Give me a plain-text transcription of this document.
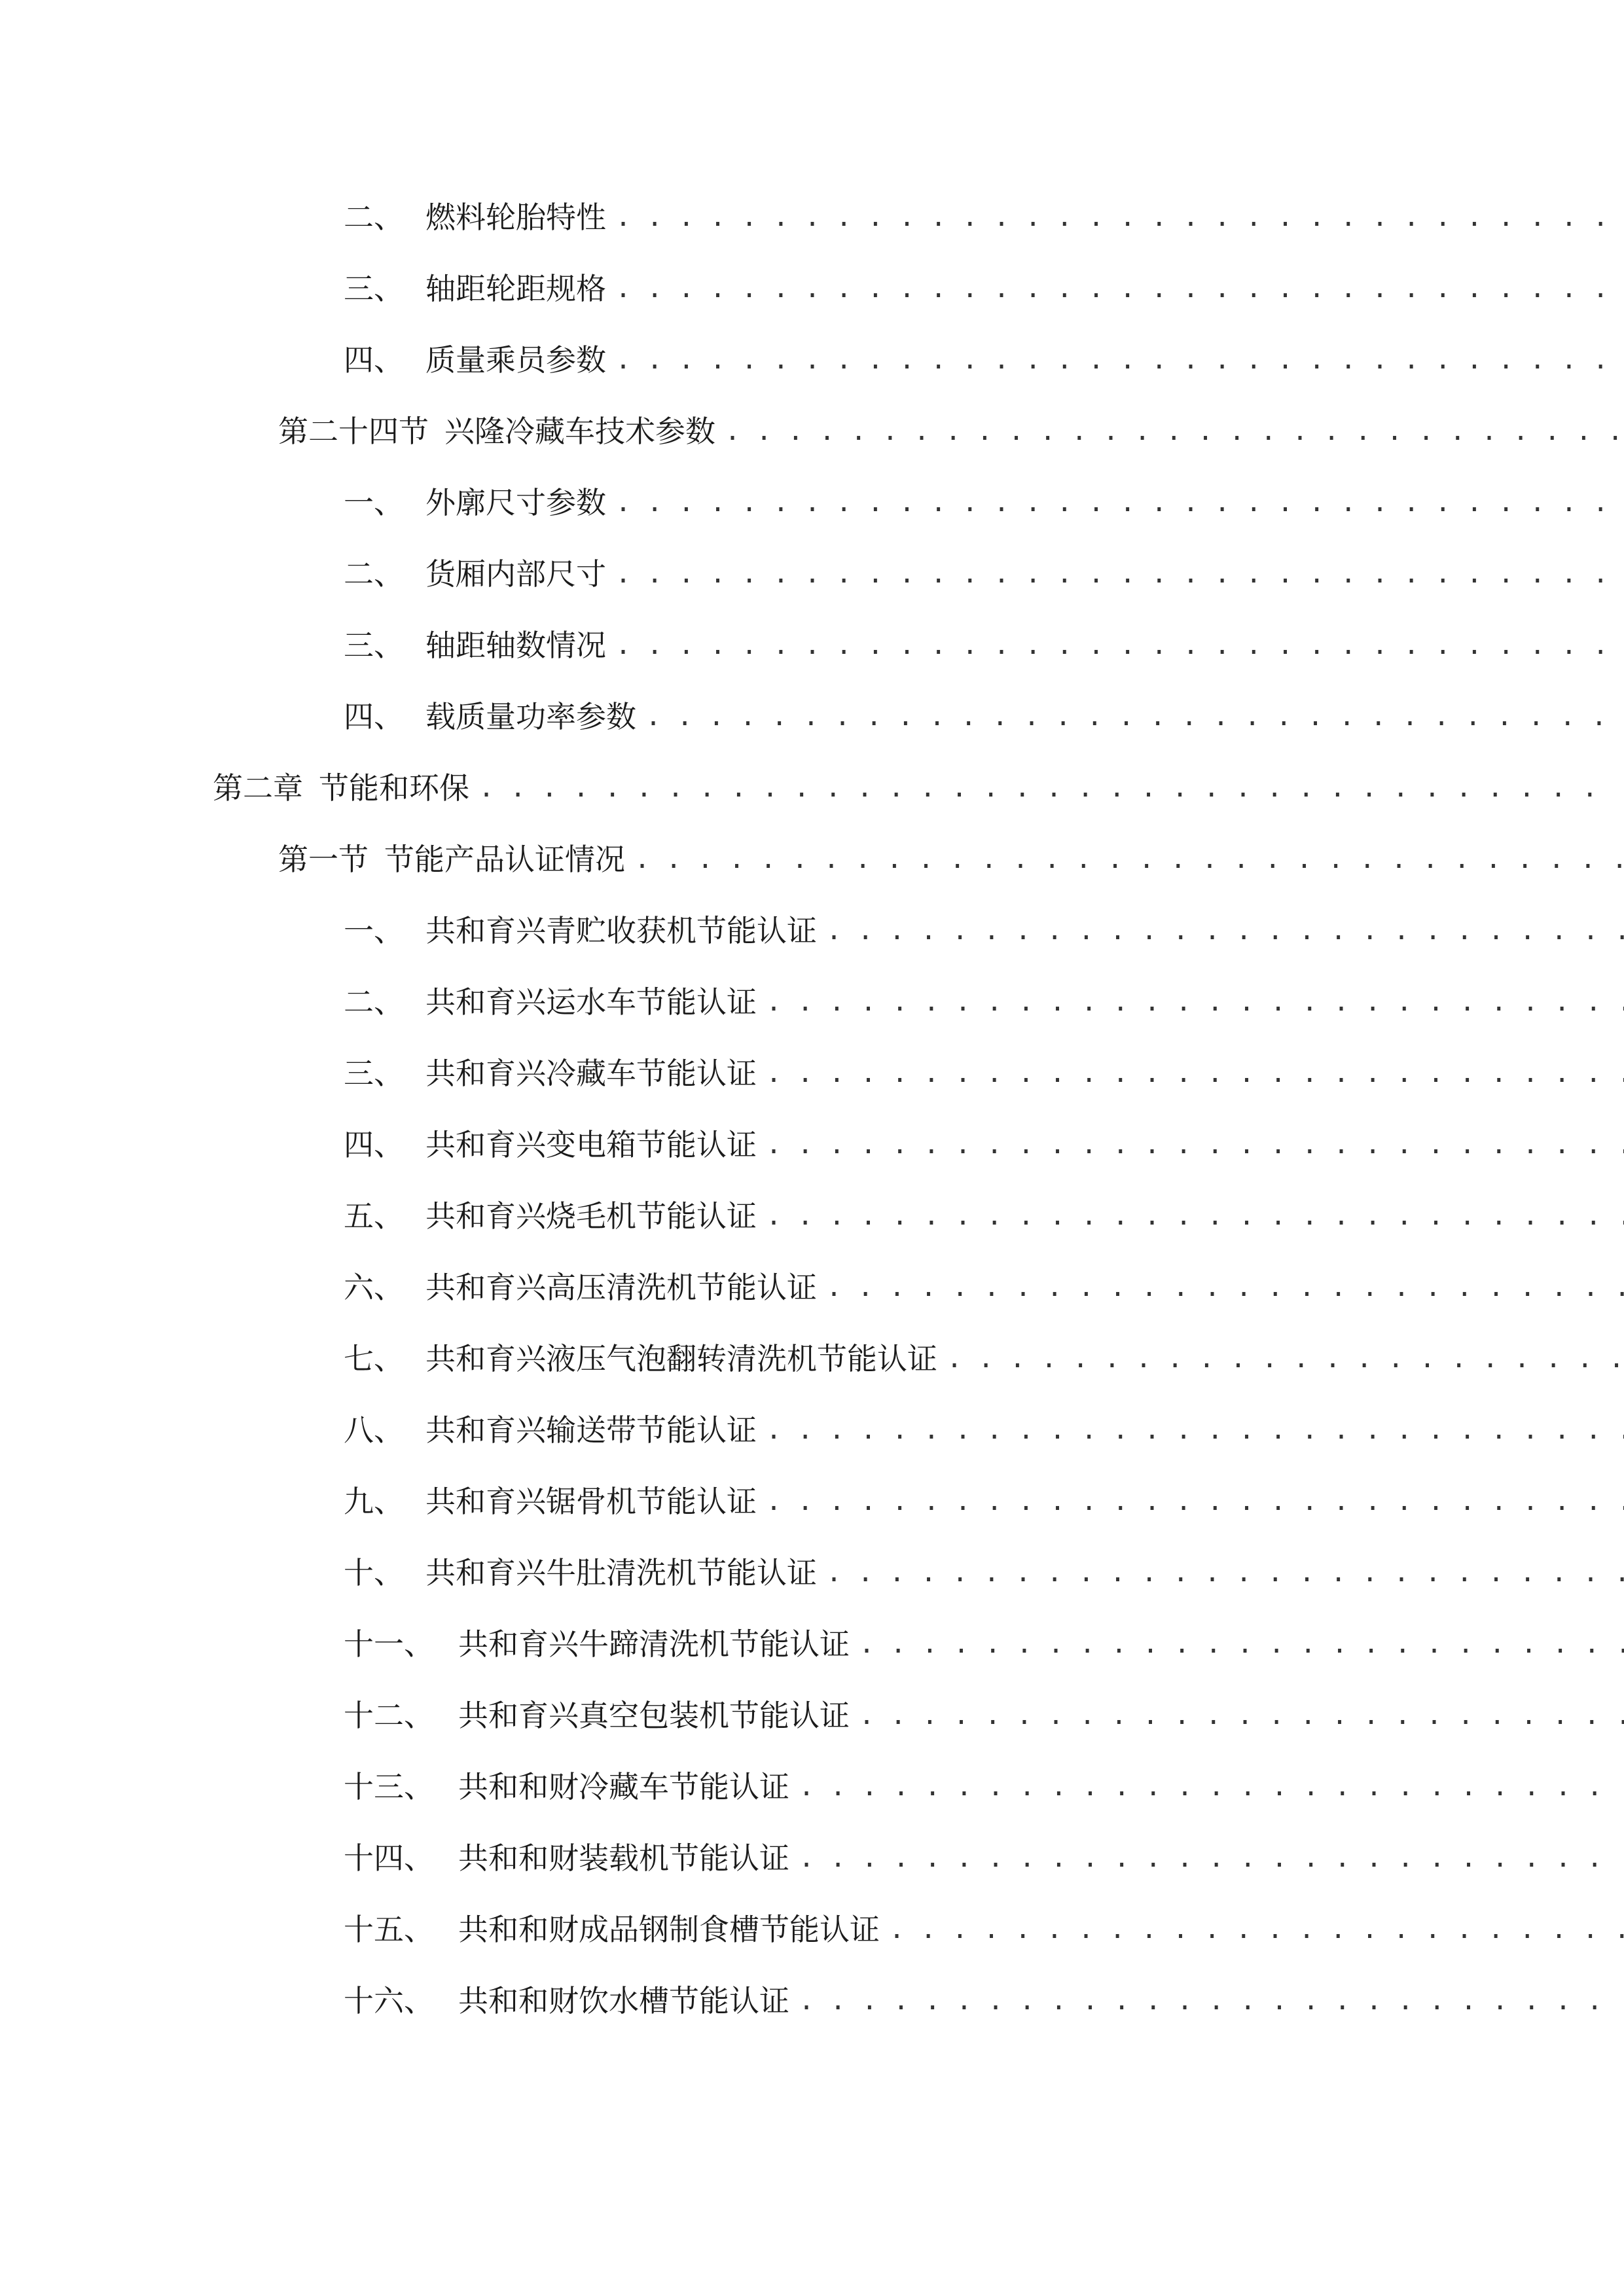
二、 燃料轮胎特性
. . .
三、 轴距轮距规格
. . .
四、 质量乘员参数
. . .
第二十四节 兴隆冷藏车技术参数
. . .
一、 外廓尺寸参数
. . .
二、 货厢内部尺寸
. . .
三、 轴距轴数情况
. . .
四、 载质量功率参数
. . .
第二章 节能和环保
. . .
第一节 节能产品认证情况
. . .
一、 共和育兴青贮收获机节能认证
. . .
二、 共和育兴运水车节能认证
. . .
三、 共和育兴冷藏车节能认证
. . .
四、 共和育兴变电箱节能认证
. . .
五、 共和育兴烧毛机节能认证
. . .
六、 共和育兴高压清洗机节能认证
. . .
七、 共和育兴液压气泡翻转清洗机节能认证
. . .
八、 共和育兴输送带节能认证
. . .
九、 共和育兴锯骨机节能认证
. . .
十、 共和育兴牛肚清洗机节能认证
. . .
十一、 共和育兴牛蹄清洗机节能认证
. . .
十二、 共和育兴真空包装机节能认证
. . .
十三、 共和和财冷藏车节能认证
. . .
十四、 共和和财装载机节能认证
. . .
十五、 共和和财成品钢制食槽节能认证
. . .
十六、 共和和财饮水槽节能认证
. . .
